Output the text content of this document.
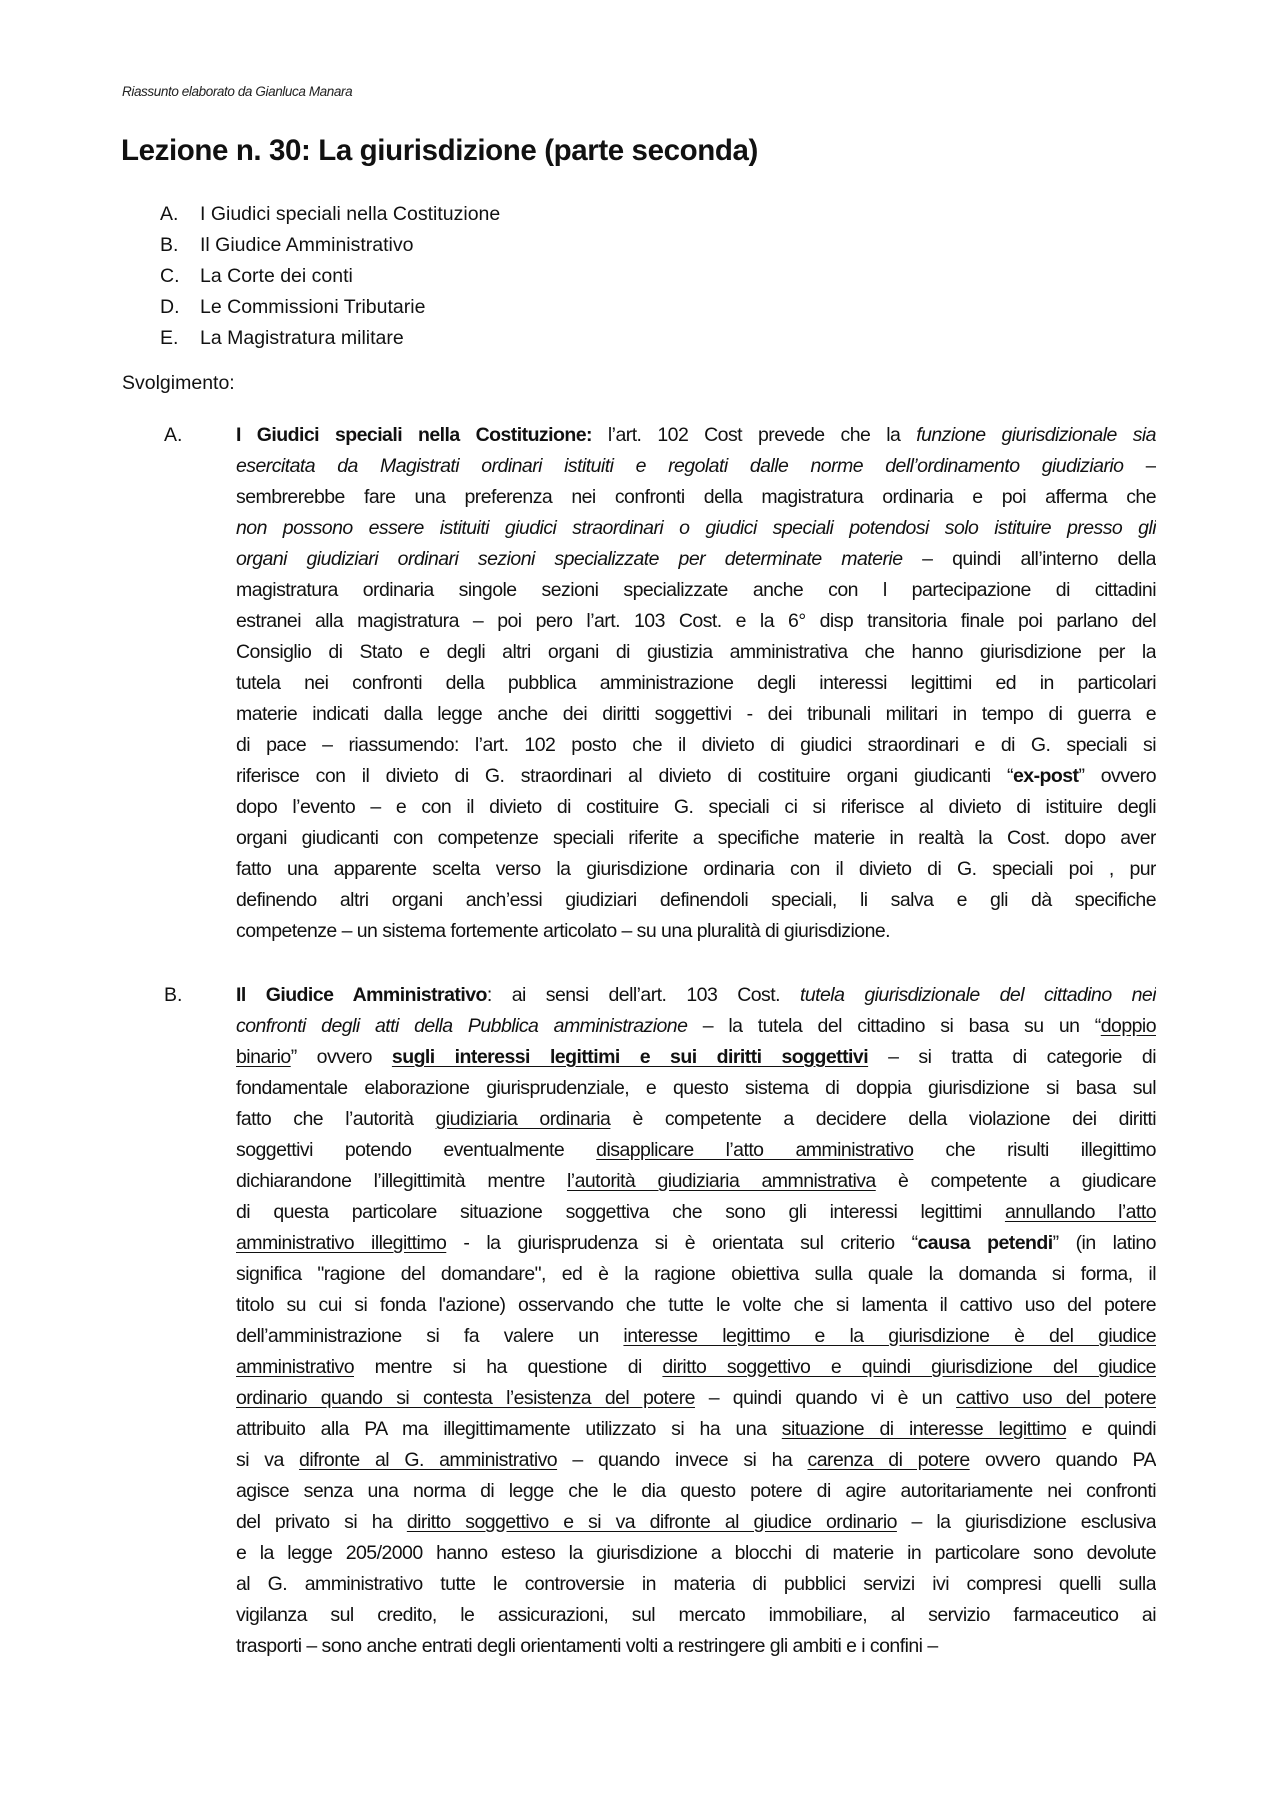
Riassunto elaborato da Gianluca Manara
Lezione n. 30: La giurisdizione (parte seconda)
A.	I Giudici speciali nella Costituzione
B.	Il Giudice Amministrativo
C.	La Corte dei conti
D.	Le Commissioni Tributarie
E.	La Magistratura militare
Svolgimento:
A.	I Giudici speciali nella Costituzione: l’art. 102 Cost prevede che la funzione giurisdizionale sia
esercitata da Magistrati ordinari istituiti e regolati dalle norme dell’ordinamento giudiziario –
sembrerebbe fare una preferenza nei confronti della magistratura ordinaria e poi afferma che
non possono essere istituiti giudici straordinari o giudici speciali potendosi solo istituire presso gli
organi giudiziari ordinari sezioni specializzate per determinate materie – quindi all’interno della
magistratura ordinaria singole sezioni specializzate anche con l partecipazione di cittadini
estranei alla magistratura – poi pero l’art. 103 Cost. e la 6° disp transitoria finale poi parlano del
Consiglio di Stato e degli altri organi di giustizia amministrativa che hanno giurisdizione per la
tutela nei confronti della pubblica amministrazione degli interessi legittimi ed in particolari
materie indicati dalla legge anche dei diritti soggettivi - dei tribunali militari in tempo di guerra e
di pace – riassumendo: l’art. 102 posto che il divieto di giudici straordinari e di G. speciali si
riferisce con il divieto di G. straordinari al divieto di costituire organi giudicanti “ex-post” ovvero
dopo l’evento – e con il divieto di costituire G. speciali ci si riferisce al divieto di istituire degli
organi giudicanti con competenze speciali riferite a specifiche materie in realtà la Cost. dopo aver
fatto una apparente scelta verso la giurisdizione ordinaria con il divieto di G. speciali poi , pur
definendo altri organi anch’essi giudiziari definendoli speciali, li salva e gli dà specifiche
competenze – un sistema fortemente articolato – su una pluralità di giurisdizione.
B.	Il Giudice Amministrativo: ai sensi dell’art. 103 Cost. tutela giurisdizionale del cittadino nei
confronti degli atti della Pubblica amministrazione – la tutela del cittadino si basa su un “doppio
binario” ovvero sugli interessi legittimi e sui diritti soggettivi – si tratta di categorie di
fondamentale elaborazione giurisprudenziale, e questo sistema di doppia giurisdizione si basa sul
fatto che l’autorità giudiziaria ordinaria è competente a decidere della violazione dei diritti
soggettivi potendo eventualmente disapplicare l’atto amministrativo che risulti illegittimo
dichiarandone l’illegittimità mentre l’autorità giudiziaria ammnistrativa è competente a giudicare
di questa particolare situazione soggettiva che sono gli interessi legittimi annullando l’atto
amministrativo illegittimo - la giurisprudenza si è orientata sul criterio “causa petendi” (in latino
significa "ragione del domandare", ed è la ragione obiettiva sulla quale la domanda si forma, il
titolo su cui si fonda l'azione) osservando che tutte le volte che si lamenta il cattivo uso del potere
dell’amministrazione si fa valere un interesse legittimo e la giurisdizione è del giudice
amministrativo mentre si ha questione di diritto soggettivo e quindi giurisdizione del giudice
ordinario quando si contesta l’esistenza del potere – quindi quando vi è un cattivo uso del potere
attribuito alla PA ma illegittimamente utilizzato si ha una situazione di interesse legittimo e quindi
si va difronte al G. amministrativo – quando invece si ha carenza di potere ovvero quando PA
agisce senza una norma di legge che le dia questo potere di agire autoritariamente nei confronti
del privato si ha diritto soggettivo e si va difronte al giudice ordinario – la giurisdizione esclusiva
e la legge 205/2000 hanno esteso la giurisdizione a blocchi di materie in particolare sono devolute
al G. amministrativo tutte le controversie in materia di pubblici servizi ivi compresi quelli sulla
vigilanza sul credito, le assicurazioni, sul mercato immobiliare, al servizio farmaceutico ai
trasporti – sono anche entrati degli orientamenti volti a restringere gli ambiti e i confini –
